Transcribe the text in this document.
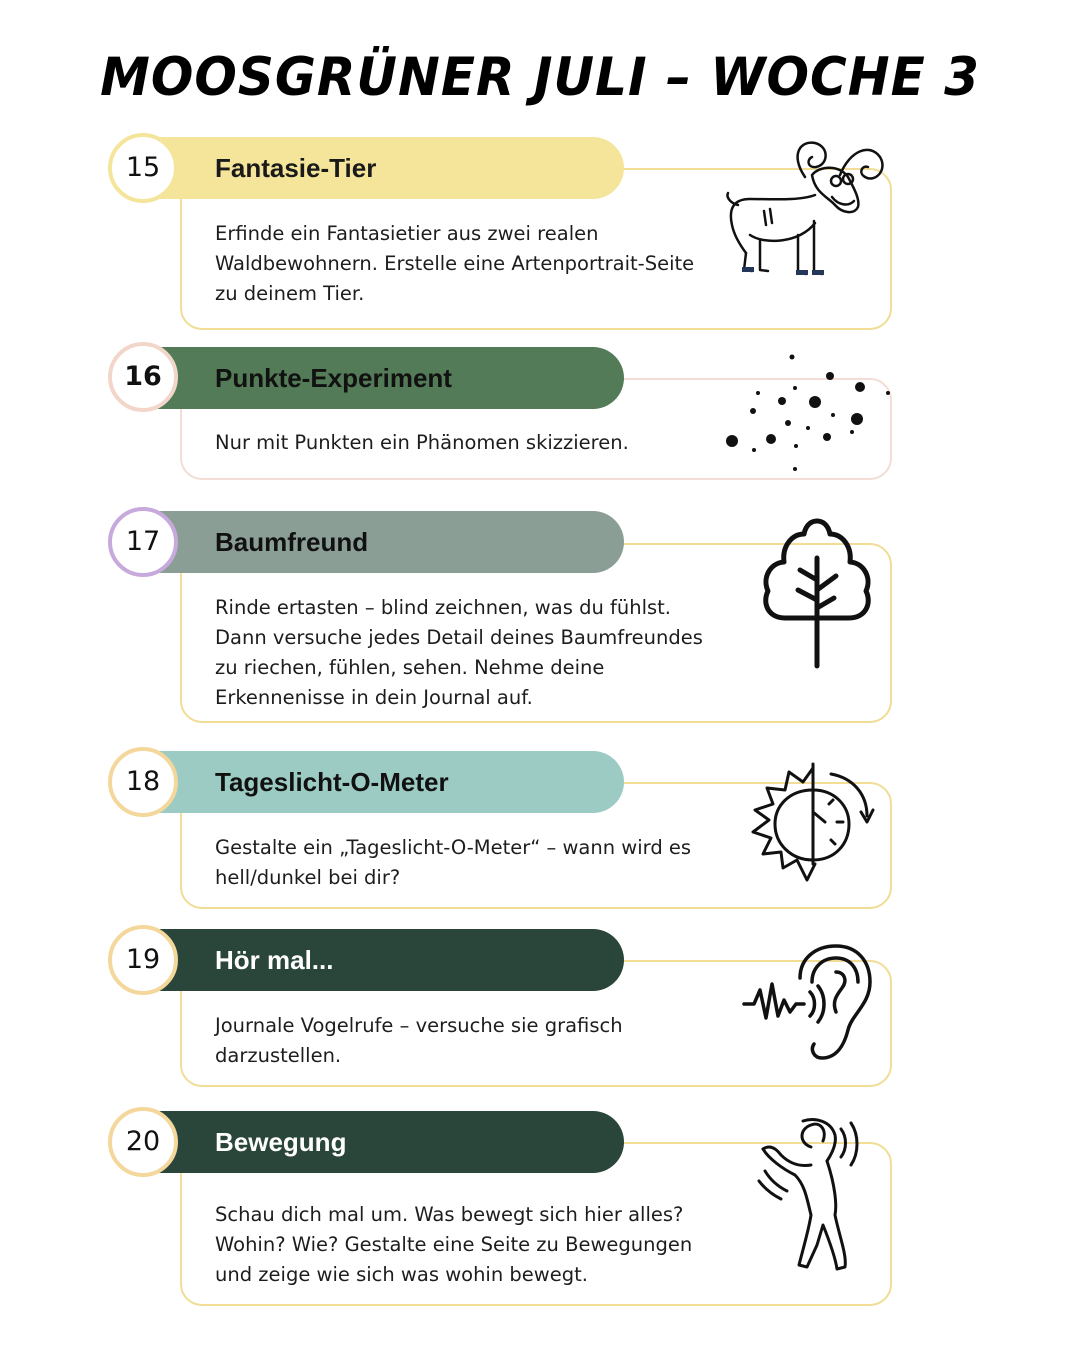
MOOSGRÜNER JULI – WOCHE 3
Fantasie-Tier
15
Erfinde ein Fantasietier aus zwei realen Waldbewohnern. Erstelle eine Artenportrait-Seite zu deinem Tier.
Punkte-Experiment
16
Nur mit Punkten ein Phänomen skizzieren.
Baumfreund
17
Rinde ertasten – blind zeichnen, was du fühlst. Dann versuche jedes Detail deines Baumfreundes zu riechen, fühlen, sehen. Nehme deine Erkennenisse in dein Journal auf.
Tageslicht-O-Meter
18
Gestalte ein „Tageslicht-O-Meter“ – wann wird es hell/dunkel bei dir?
Hör mal...
19
Journale Vogelrufe – versuche sie grafisch darzustellen.
Bewegung
20
Schau dich mal um. Was bewegt sich hier alles? Wohin? Wie? Gestalte eine Seite zu Bewegungen und zeige wie sich was wohin bewegt.
